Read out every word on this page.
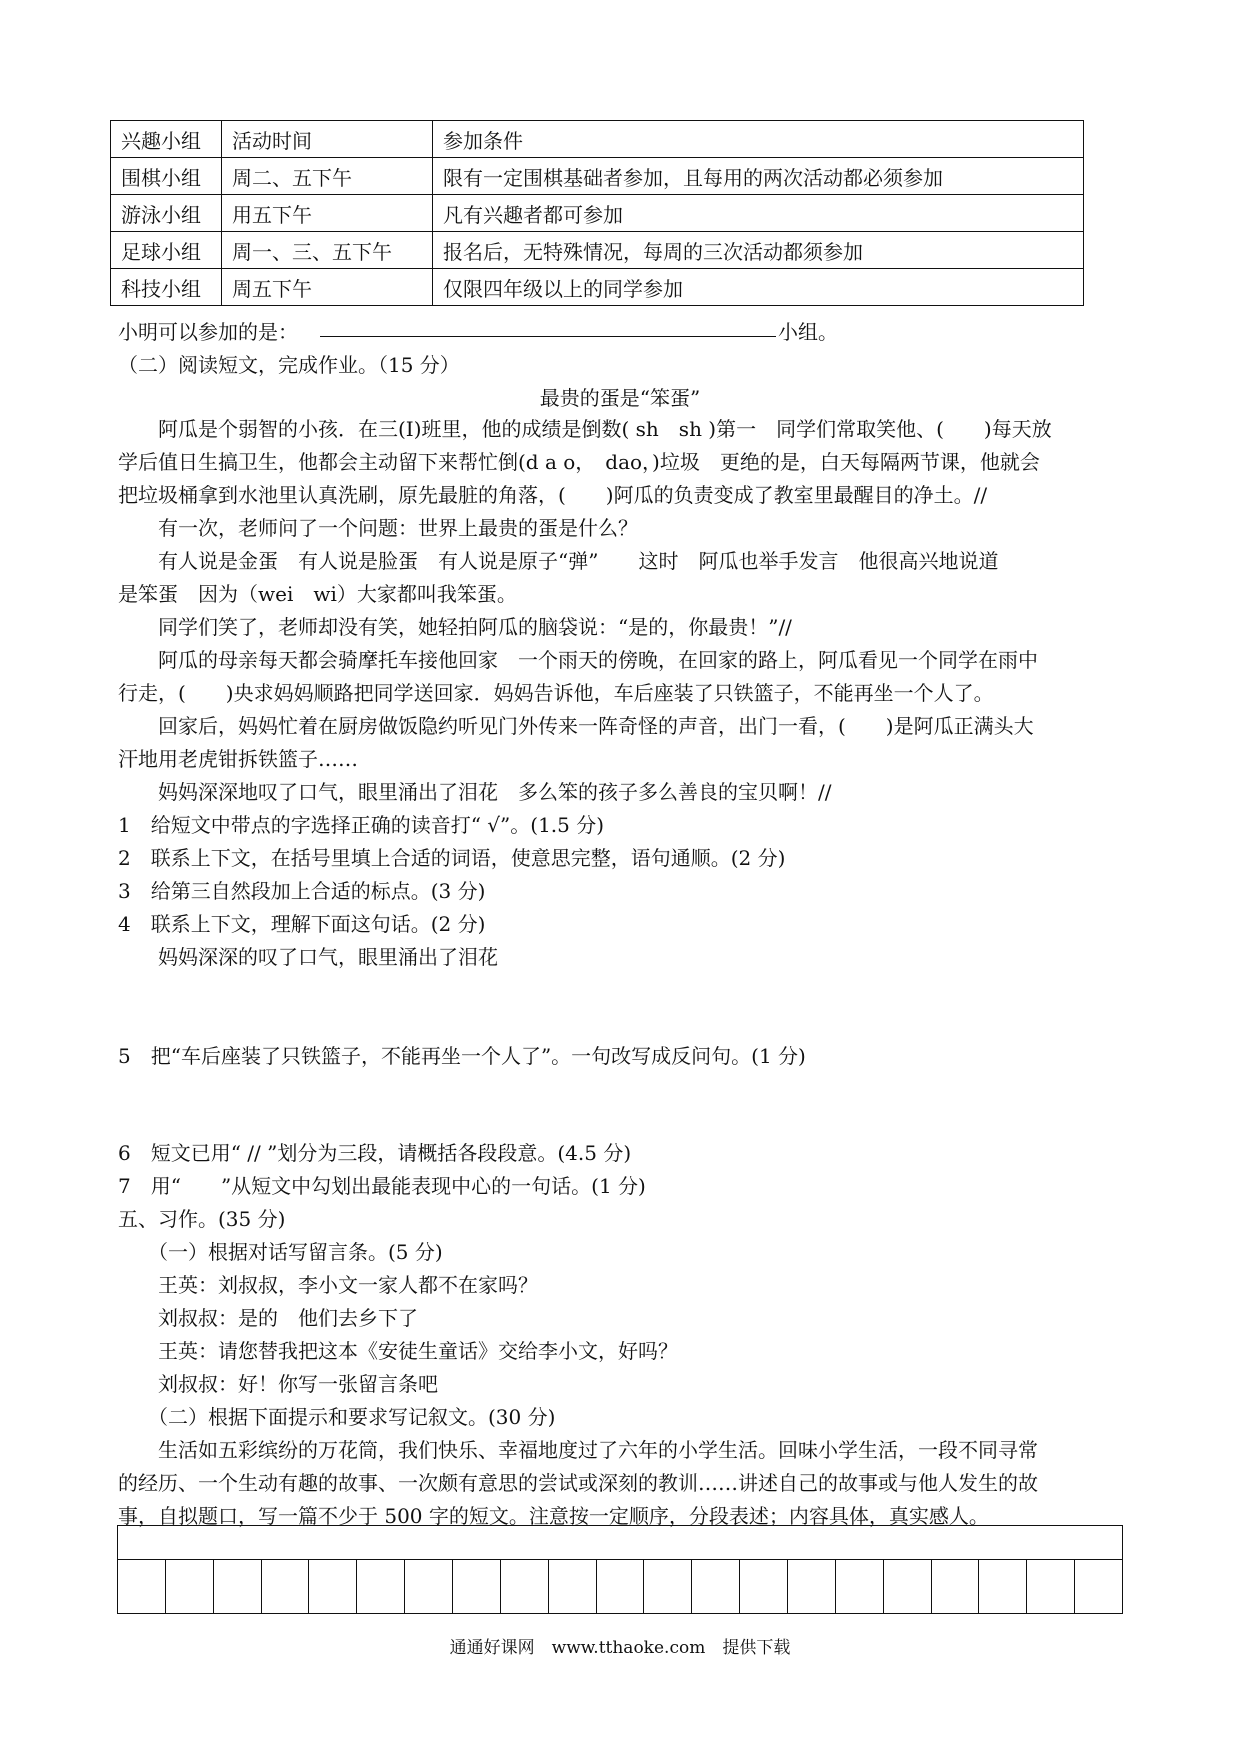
兴趣小组	活动时间	参加条件
围棋小组	周二、五下午	限有一定围棋基础者参加，且每用的两次活动都必须参加
游泳小组	用五下午	凡有兴趣者都可参加
足球小组	周一、三、五下午	报名后，无特殊情况，每周的三次活动都须参加
科技小组	周五下午	仅限四年级以上的同学参加
小明可以参加的是：	小组。
（二）阅读短文，完成作业。（15 分）
最贵的蛋是“笨蛋”
　　阿瓜是个弱智的小孩．在三(I)班里，他的成绩是倒数( sh　sh )第一　同学们常取笑他、(　　)每天放
学后值日生搞卫生，他都会主动留下来帮忙倒(d a o，　dao，)垃圾　更绝的是，白天每隔两节课，他就会
把垃圾桶拿到水池里认真洗刷，原先最脏的角落，(　　)阿瓜的负责变成了教室里最醒目的净土。//
　　有一次，老师问了一个问题：世界上最贵的蛋是什么？
　　有人说是金蛋　有人说是脸蛋　有人说是原子“弹”　　这时　阿瓜也举手发言　他很高兴地说道
是笨蛋　因为（wei　wi）大家都叫我笨蛋。
　　同学们笑了，老师却没有笑，她轻拍阿瓜的脑袋说：“是的，你最贵！”//
　　阿瓜的母亲每天都会骑摩托车接他回家　一个雨天的傍晚，在回家的路上，阿瓜看见一个同学在雨中
行走，(　　)央求妈妈顺路把同学送回家．妈妈告诉他，车后座装了只铁篮子，不能再坐一个人了。
　　回家后，妈妈忙着在厨房做饭隐约听见门外传来一阵奇怪的声音，出门一看，(　　)是阿瓜正满头大
汗地用老虎钳拆铁篮子……
　　妈妈深深地叹了口气，眼里涌出了泪花　多么笨的孩子多么善良的宝贝啊！//
1　给短文中带点的字选择正确的读音打“ √”。(1.5 分)
2　联系上下文，在括号里填上合适的词语，使意思完整，语句通顺。(2 分)
3　给第三自然段加上合适的标点。(3 分)
4　联系上下文，理解下面这句话。(2 分)
　　妈妈深深的叹了口气，眼里涌出了泪花
5　把“车后座装了只铁篮子，不能再坐一个人了”。一句改写成反问句。(1 分)
6　短文已用“ // ”划分为三段，请概括各段段意。(4.5 分)
7　用“　　”从短文中勾划出最能表现中心的一句话。(1 分)
五、习作。(35 分)
　　（一）根据对话写留言条。(5 分)
　　王英：刘叔叔，李小文一家人都不在家吗？
　　刘叔叔：是的　他们去乡下了
　　王英：请您替我把这本《安徒生童话》交给李小文，好吗？
　　刘叔叔：好！你写一张留言条吧
　　（二）根据下面提示和要求写记叙文。(30 分)
　　生活如五彩缤纷的万花筒，我们快乐、幸福地度过了六年的小学生活。回味小学生活，一段不同寻常
的经历、一个生动有趣的故事、一次颇有意思的尝试或深刻的教训……讲述自己的故事或与他人发生的故
事，自拟题口，写一篇不少于 500 字的短文。注意按一定顺序，分段表述；内容具体，真实感人。
通通好课网　www.tthaoke.com　提供下载
